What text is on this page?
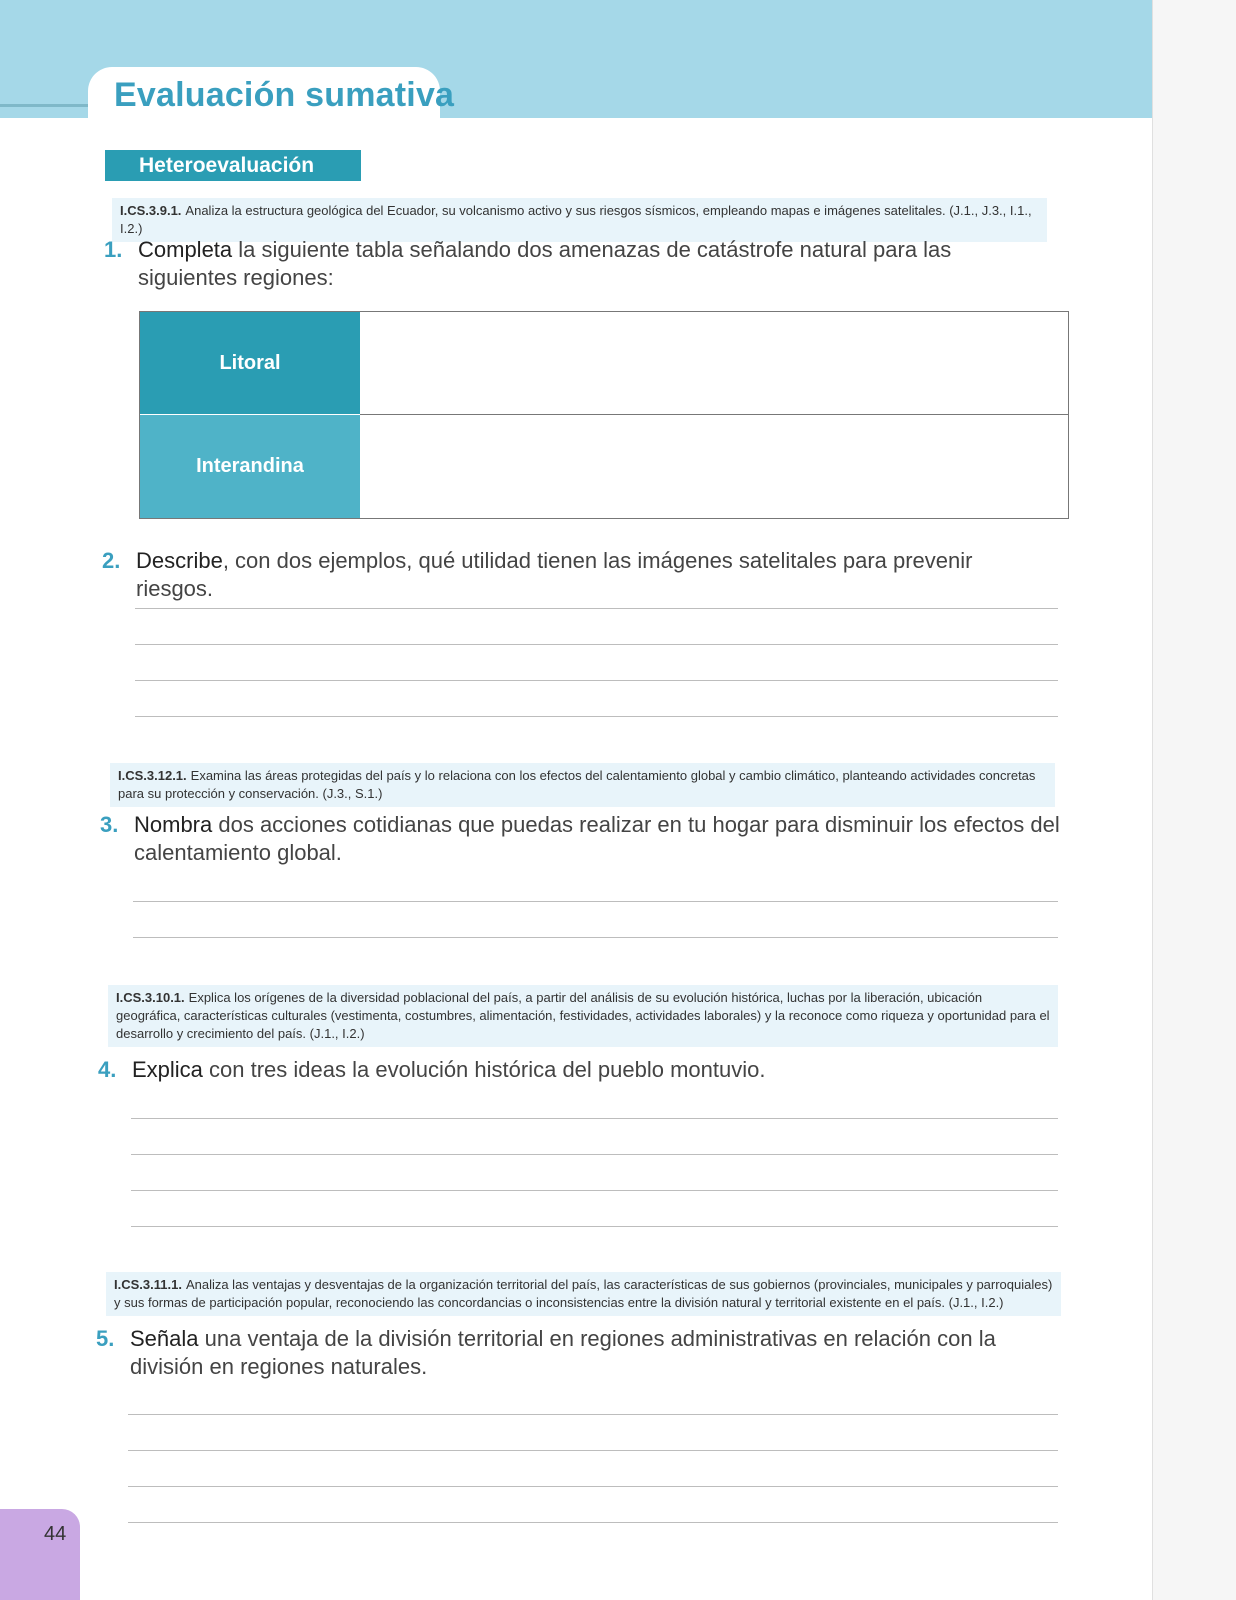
Evaluación sumativa
Heteroevaluación
I.CS.3.9.1. Analiza la estructura geológica del Ecuador, su volcanismo activo y sus riesgos sísmicos, empleando mapas e imágenes satelitales. (J.1., J.3., I.1., I.2.)
1. Completa la siguiente tabla señalando dos amenazas de catástrofe natural para las siguientes regiones:
Litoral
Interandina
2. Describe, con dos ejemplos, qué utilidad tienen las imágenes satelitales para prevenir riesgos.
I.CS.3.12.1. Examina las áreas protegidas del país y lo relaciona con los efectos del calentamiento global y cambio climático, planteando actividades concretas para su protección y conservación. (J.3., S.1.)
3. Nombra dos acciones cotidianas que puedas realizar en tu hogar para disminuir los efectos del calentamiento global.
I.CS.3.10.1. Explica los orígenes de la diversidad poblacional del país, a partir del análisis de su evolución histórica, luchas por la liberación, ubicación geográfica, características culturales (vestimenta, costumbres, alimentación, festividades, actividades laborales) y la reconoce como riqueza y oportunidad para el desarrollo y crecimiento del país. (J.1., I.2.)
4. Explica con tres ideas la evolución histórica del pueblo montuvio.
I.CS.3.11.1. Analiza las ventajas y desventajas de la organización territorial del país, las características de sus gobiernos (provinciales, municipales y parroquiales) y sus formas de participación popular, reconociendo las concordancias o inconsistencias entre la división natural y territorial existente en el país. (J.1., I.2.)
5. Señala una ventaja de la división territorial en regiones administrativas en relación con la división en regiones naturales.
44
